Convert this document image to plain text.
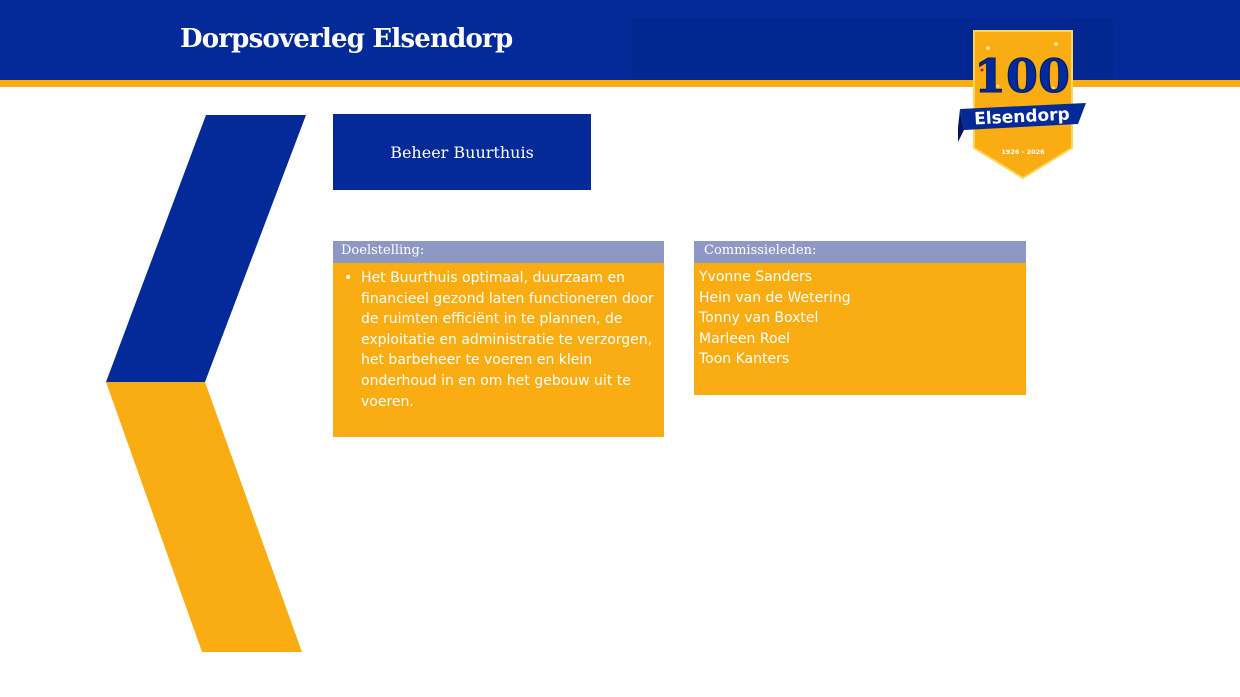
Dorpsoverleg Elsendorp
100
Elsendorp
1926 - 2026
Beheer Buurthuis
Doelstelling:
• Het Buurthuis optimaal, duurzaam en financieel gezond laten functioneren door de ruimten efficiënt in te plannen, de exploitatie en administratie te verzorgen, het barbeheer te voeren en klein onderhoud in en om het gebouw uit te voeren.
Commissieleden:
Yvonne Sanders
Hein van de Wetering
Tonny van Boxtel
Marleen Roel
Toon Kanters
